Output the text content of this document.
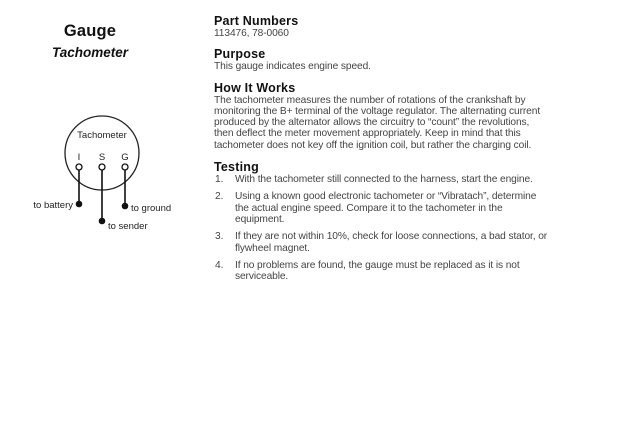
Gauge
Tachometer
Tachometer
I S G
to battery
to sender
to ground

Part Numbers

113476, 78-0060

Purpose

This gauge indicates engine speed.

How It Works

The tachometer measures the number of rotations of the crankshaft by

monitoring the B+ terminal of the voltage regulator. The alternating current

produced by the alternator allows the circuitry to “count” the revolutions,

then deflect the meter movement appropriately. Keep in mind that this

tachometer does not key off the ignition coil, but rather the charging coil.

Testing

1.	With the tachometer still connected to the harness, start the engine.
2.	Using a known good electronic tachometer or “Vibratach”, determine
the actual engine speed. Compare it to the tachometer in the
equipment.
3.	If they are not within 10%, check for loose connections, a bad stator, or
flywheel magnet.
4.	If no problems are found, the gauge must be replaced as it is not
serviceable.
